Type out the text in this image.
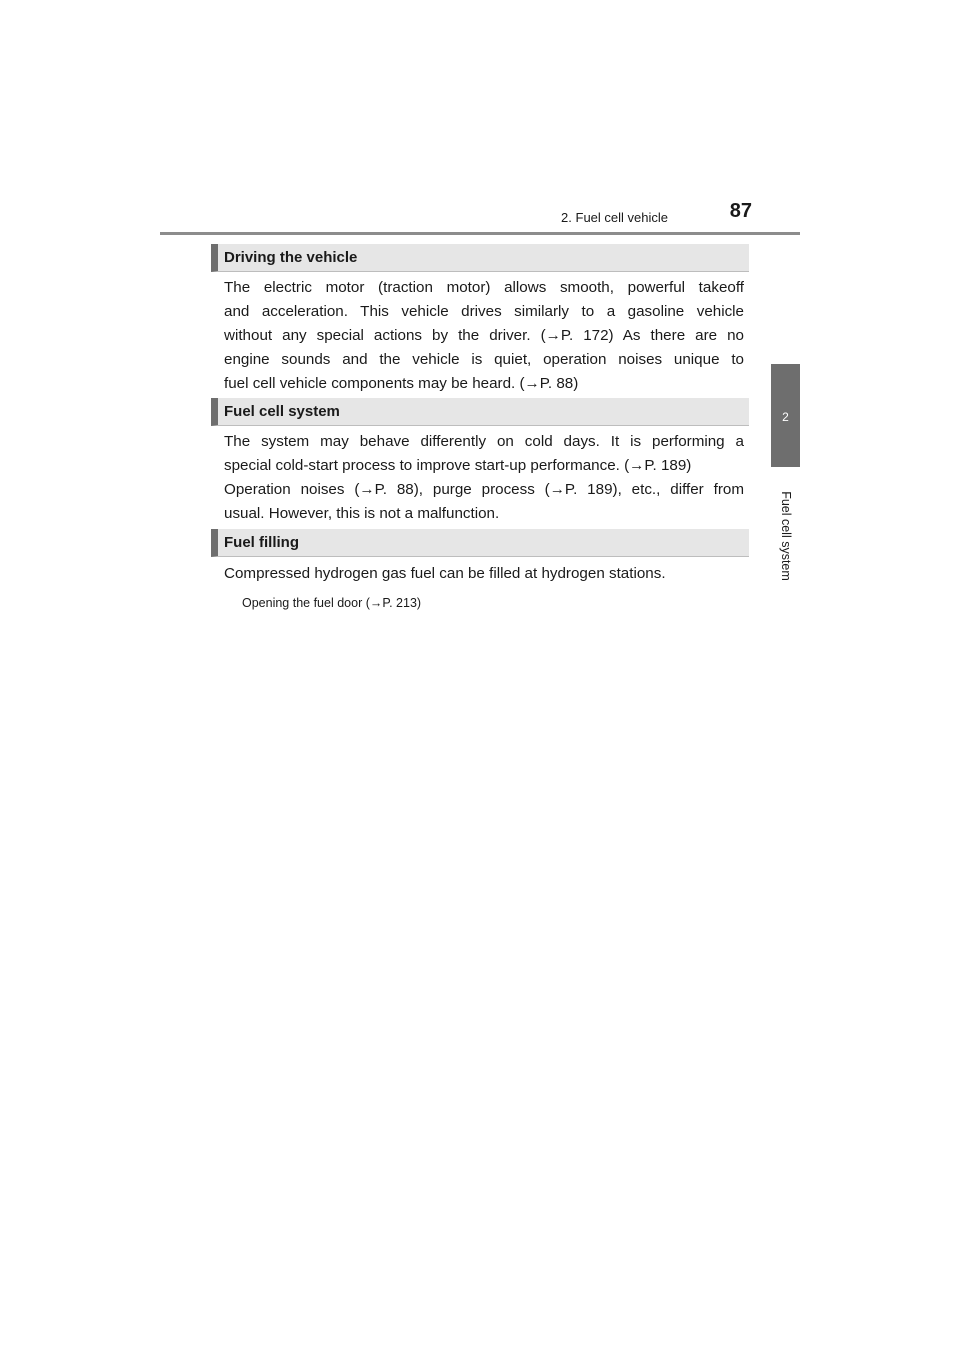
2. Fuel cell vehicle	87
2
Fuel cell system
Driving the vehicle
The electric motor (traction motor) allows smooth, powerful takeoff
and acceleration. This vehicle drives similarly to a gasoline vehicle
without any special actions by the driver. (→P. 172) As there are no
engine sounds and the vehicle is quiet, operation noises unique to
fuel cell vehicle components may be heard. (→P. 88)
Fuel cell system
The system may behave differently on cold days. It is performing a
special cold-start process to improve start-up performance. (→P. 189)
Operation noises (→P. 88), purge process (→P. 189), etc., differ from
usual. However, this is not a malfunction.
Fuel filling
Compressed hydrogen gas fuel can be filled at hydrogen stations.
Opening the fuel door (→P. 213)
